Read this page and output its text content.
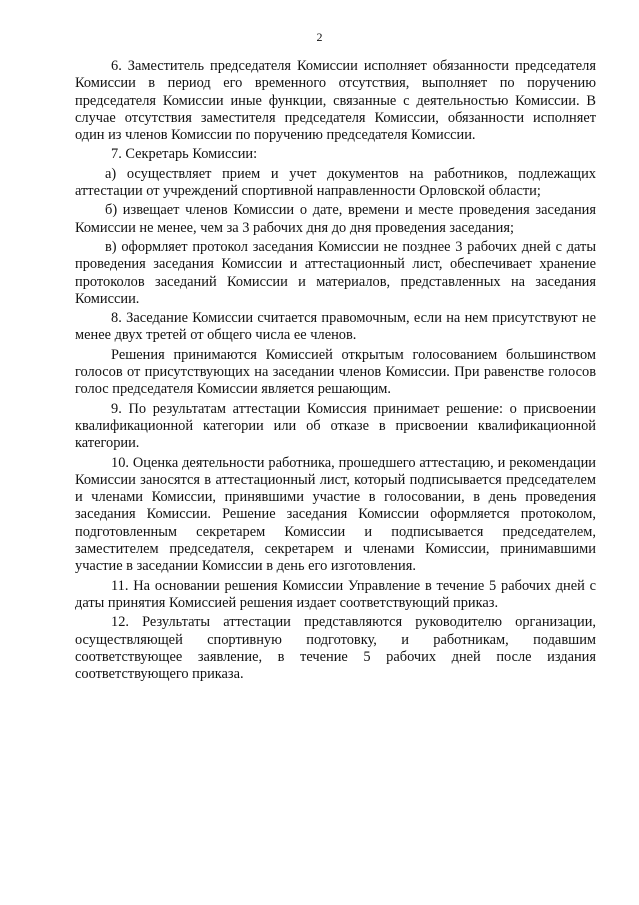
2

6. Заместитель председателя Комиссии исполняет обязанности председателя Комиссии в период его временного отсутствия, выполняет по поручению председателя Комиссии иные функции, связанные с деятельностью Комиссии. В случае отсутствия заместителя председателя Комиссии, обязанности исполняет один из членов Комиссии по поручению председателя Комиссии.

7. Секретарь Комиссии:

а) осуществляет прием и учет документов на работников, подлежащих аттестации от учреждений спортивной направленности Орловской области;

б) извещает членов Комиссии о дате, времени и месте проведения заседания Комиссии не менее, чем за 3 рабочих дня до дня проведения заседания;

в) оформляет протокол заседания Комиссии не позднее 3 рабочих дней с даты проведения заседания Комиссии и аттестационный лист, обеспечивает хранение протоколов заседаний Комиссии и материалов, представленных на заседания Комиссии.

8. Заседание Комиссии считается правомочным, если на нем присутствуют не менее двух третей от общего числа ее членов.

Решения принимаются Комиссией открытым голосованием большинством голосов от присутствующих на заседании членов Комиссии. При равенстве голосов голос председателя Комиссии является решающим.

9. По результатам аттестации Комиссия принимает решение: о присвоении квалификационной категории или об отказе в присвоении квалификационной категории.

10. Оценка деятельности работника, прошедшего аттестацию, и рекомендации Комиссии заносятся в аттестационный лист, который подписывается председателем и членами Комиссии, принявшими участие в голосовании, в день проведения заседания Комиссии. Решение заседания Комиссии оформляется протоколом, подготовленным секретарем Комиссии и подписывается председателем, заместителем председателя, секретарем и членами Комиссии, принимавшими участие в заседании Комиссии в день его изготовления.

11. На основании решения Комиссии Управление в течение 5 рабочих дней с даты принятия Комиссией решения издает соответствующий приказ.

12. Результаты аттестации представляются руководителю организации, осуществляющей спортивную подготовку, и работникам, подавшим соответствующее заявление, в течение 5 рабочих дней после издания соответствующего приказа.
